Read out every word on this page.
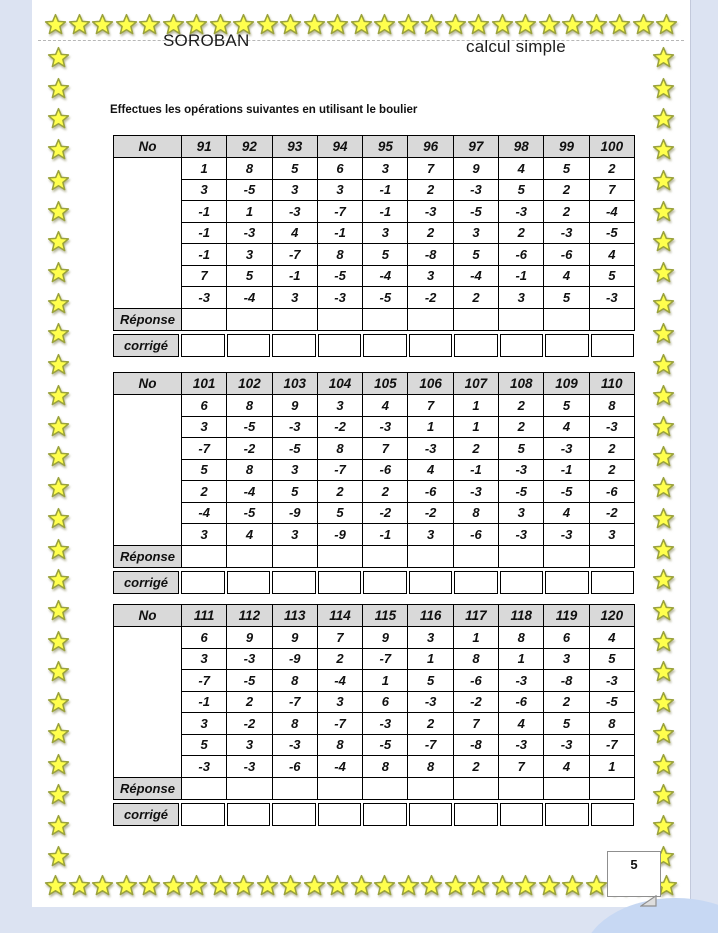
SOROBAN	calcul simple
Effectues les opérations suivantes en utilisant le boulier
No	91	92	93	94	95	96	97	98	99	100
	1	8	5	6	3	7	9	4	5	2
	3	-5	3	3	-1	2	-3	5	2	7
	-1	1	-3	-7	-1	-3	-5	-3	2	-4
	-1	-3	4	-1	3	2	3	2	-3	-5
	-1	3	-7	8	5	-8	5	-6	-6	4
	7	5	-1	-5	-4	3	-4	-1	4	5
	-3	-4	3	-3	-5	-2	2	3	5	-3
Réponse										
corrigé										
No	101	102	103	104	105	106	107	108	109	110
	6	8	9	3	4	7	1	2	5	8
	3	-5	-3	-2	-3	1	1	2	4	-3
	-7	-2	-5	8	7	-3	2	5	-3	2
	5	8	3	-7	-6	4	-1	-3	-1	2
	2	-4	5	2	2	-6	-3	-5	-5	-6
	-4	-5	-9	5	-2	-2	8	3	4	-2
	3	4	3	-9	-1	3	-6	-3	-3	3
Réponse										
corrigé										
No	111	112	113	114	115	116	117	118	119	120
	6	9	9	7	9	3	1	8	6	4
	3	-3	-9	2	-7	1	8	1	3	5
	-7	-5	8	-4	1	5	-6	-3	-8	-3
	-1	2	-7	3	6	-3	-2	-6	2	-5
	3	-2	8	-7	-3	2	7	4	5	8
	5	3	-3	8	-5	-7	-8	-3	-3	-7
	-3	-3	-6	-4	8	8	2	7	4	1
Réponse										
corrigé										
5
